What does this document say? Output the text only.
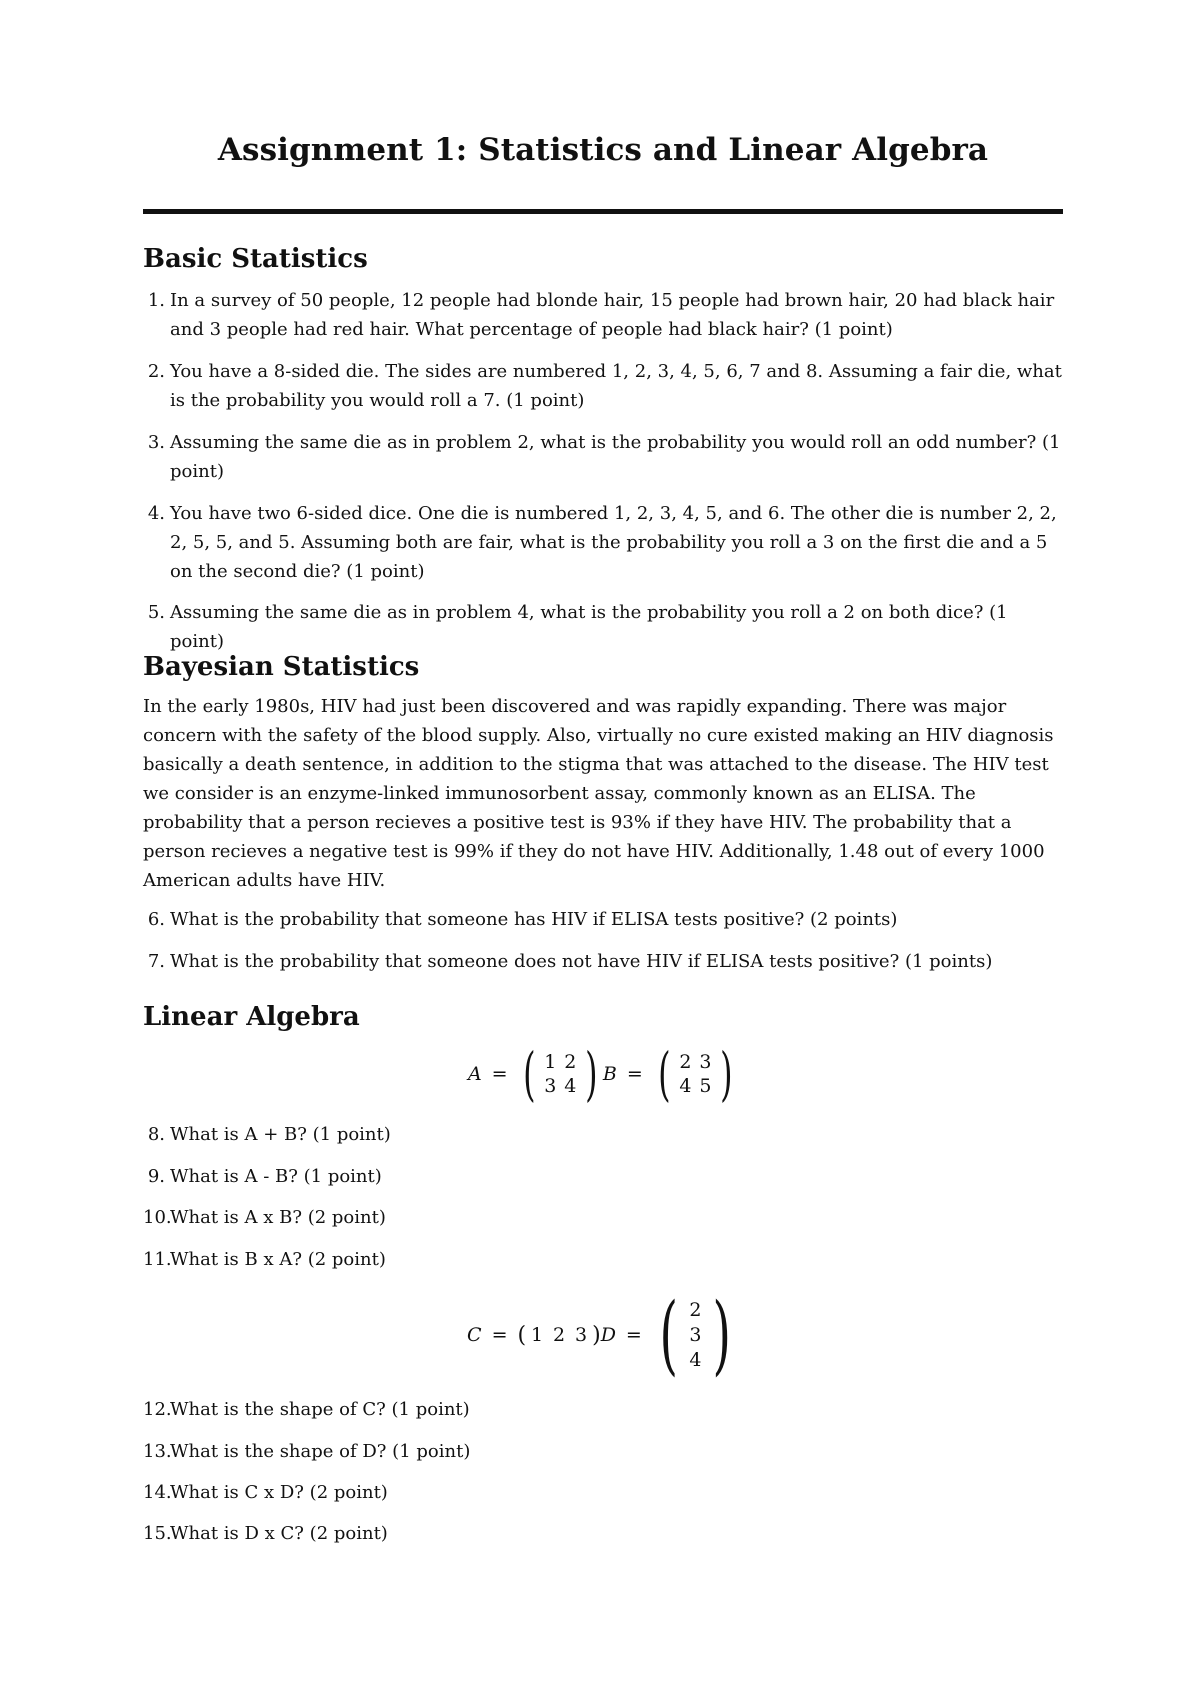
Assignment 1: Statistics and Linear Algebra
Basic Statistics
1. In a survey of 50 people, 12 people had blonde hair, 15 people had brown hair, 20 had black hair and 3 people had red hair. What percentage of people had black hair? (1 point)
2. You have a 8-sided die. The sides are numbered 1, 2, 3, 4, 5, 6, 7 and 8. Assuming a fair die, what is the probability you would roll a 7. (1 point)
3. Assuming the same die as in problem 2, what is the probability you would roll an odd number? (1 point)
4. You have two 6-sided dice. One die is numbered 1, 2, 3, 4, 5, and 6. The other die is number 2, 2, 2, 5, 5, and 5. Assuming both are fair, what is the probability you roll a 3 on the first die and a 5 on the second die? (1 point)
5. Assuming the same die as in problem 4, what is the probability you roll a 2 on both dice? (1 point)
Bayesian Statistics

In the early 1980s, HIV had just been discovered and was rapidly expanding. There was major concern with the safety of the blood supply. Also, virtually no cure existed making an HIV diagnosis basically a death sentence, in addition to the stigma that was attached to the disease. The HIV test we consider is an enzyme-linked immunosorbent assay, commonly known as an ELISA. The probability that a person recieves a positive test is 93% if they have HIV. The probability that a person recieves a negative test is 99% if they do not have HIV. Additionally, 1.48 out of every 1000 American adults have HIV.

6. What is the probability that someone has HIV if ELISA tests positive? (2 points)
7. What is the probability that someone does not have HIV if ELISA tests positive? (1 points)
Linear Algebra
A = ( 1 2
3 4 ) B = ( 2 3
4 5 )
8. What is A + B? (1 point)
9. What is A - B? (1 point)
10.
What is A x B? (2 point)
11.
What is B x A? (2 point)
C = ( 1 2 3 ) D = ( 2
3
4 )
12.
What is the shape of C? (1 point)
13.
What is the shape of D? (1 point)
14.
What is C x D? (2 point)
15.
What is D x C? (2 point)
